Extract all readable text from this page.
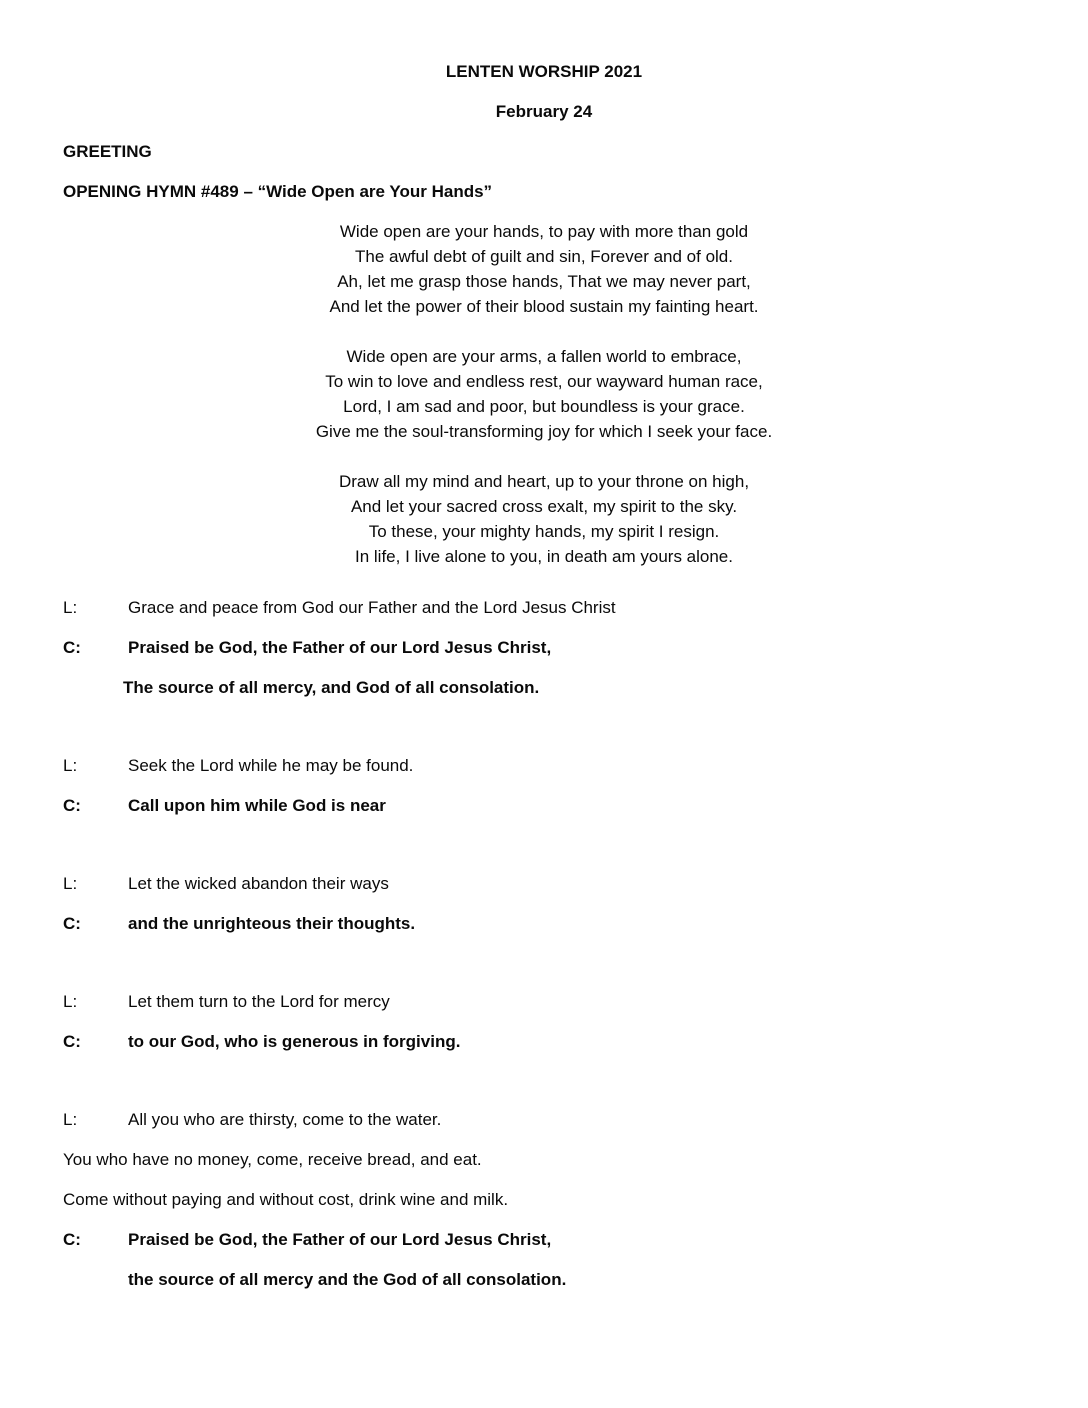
LENTEN WORSHIP 2021

February 24

GREETING

OPENING HYMN #489 – “Wide Open are Your Hands”

Wide open are your hands, to pay with more than gold
The awful debt of guilt and sin, Forever and of old.
Ah, let me grasp those hands, That we may never part,
And let the power of their blood sustain my fainting heart.
Wide open are your arms, a fallen world to embrace,
To win to love and endless rest, our wayward human race,
Lord, I am sad and poor, but boundless is your grace.
Give me the soul-transforming joy for which I seek your face.
Draw all my mind and heart, up to your throne on high,
And let your sacred cross exalt, my spirit to the sky.
To these, your mighty hands, my spirit I resign.
In life, I live alone to you, in death am yours alone.
L:	Grace and peace from God our Father and the Lord Jesus Christ
C:	Praised be God, the Father of our Lord Jesus Christ,
The source of all mercy, and God of all consolation.
L:	Seek the Lord while he may be found.
C:	Call upon him while God is near
L:	Let the wicked abandon their ways
C:	and the unrighteous their thoughts.
L:	Let them turn to the Lord for mercy
C:	to our God, who is generous in forgiving.
L:	All you who are thirsty, come to the water.
You who have no money, come, receive bread, and eat.
Come without paying and without cost, drink wine and milk.
C:	Praised be God, the Father of our Lord Jesus Christ,
the source of all mercy and the God of all consolation.
